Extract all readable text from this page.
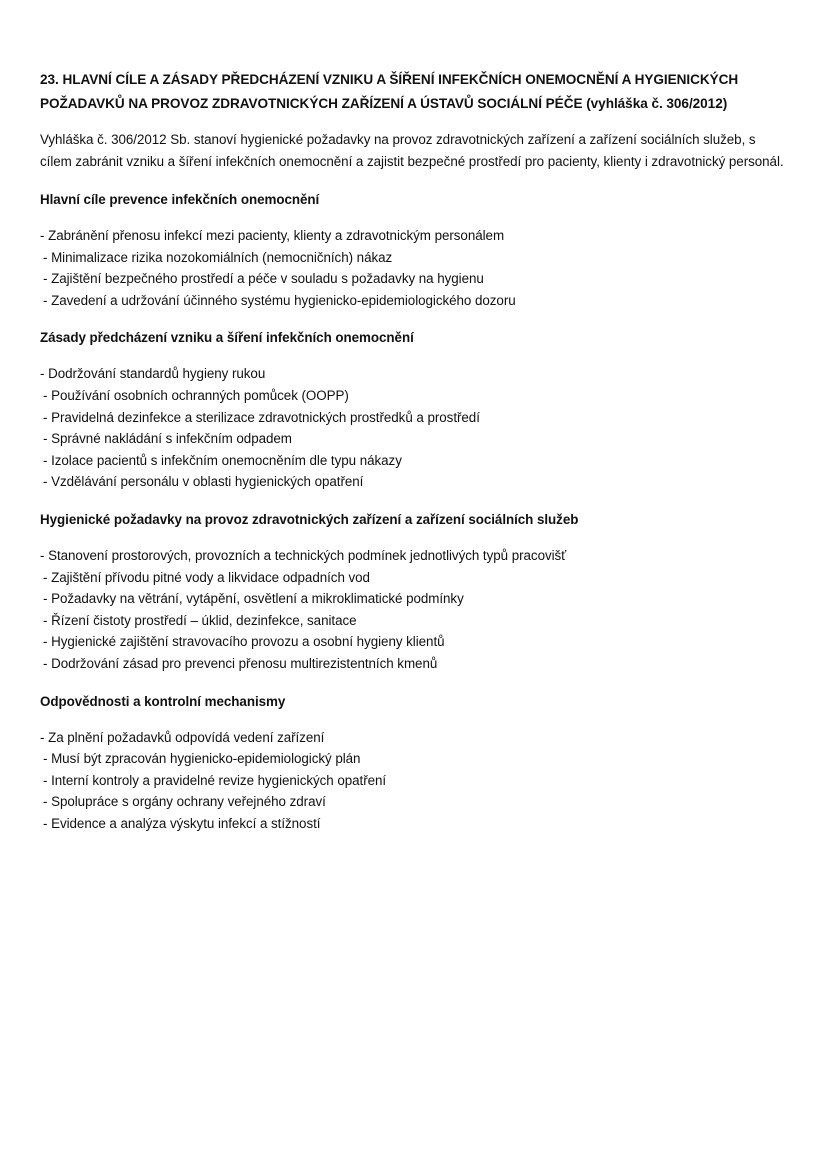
23. HLAVNÍ CÍLE A ZÁSADY PŘEDCHÁZENÍ VZNIKU A ŠÍŘENÍ INFEKČNÍCH ONEMOCNĚNÍ A HYGIENICKÝCH POŽADAVKŮ NA PROVOZ ZDRAVOTNICKÝCH ZAŘÍZENÍ A ÚSTAVŮ SOCIÁLNÍ PÉČE (vyhláška č. 306/2012)
Vyhláška č. 306/2012 Sb. stanoví hygienické požadavky na provoz zdravotnických zařízení a zařízení sociálních služeb, s cílem zabránit vzniku a šíření infekčních onemocnění a zajistit bezpečné prostředí pro pacienty, klienty i zdravotnický personál.
Hlavní cíle prevence infekčních onemocnění
- Zabránění přenosu infekcí mezi pacienty, klienty a zdravotnickým personálem
- Minimalizace rizika nozokomiálních (nemocničních) nákaz
- Zajištění bezpečného prostředí a péče v souladu s požadavky na hygienu
- Zavedení a udržování účinného systému hygienicko-epidemiologického dozoru
Zásady předcházení vzniku a šíření infekčních onemocnění
- Dodržování standardů hygieny rukou
- Používání osobních ochranných pomůcek (OOPP)
- Pravidelná dezinfekce a sterilizace zdravotnických prostředků a prostředí
- Správné nakládání s infekčním odpadem
- Izolace pacientů s infekčním onemocněním dle typu nákazy
- Vzdělávání personálu v oblasti hygienických opatření
Hygienické požadavky na provoz zdravotnických zařízení a zařízení sociálních služeb
- Stanovení prostorových, provozních a technických podmínek jednotlivých typů pracovišť
- Zajištění přívodu pitné vody a likvidace odpadních vod
- Požadavky na větrání, vytápění, osvětlení a mikroklimatické podmínky
- Řízení čistoty prostředí – úklid, dezinfekce, sanitace
- Hygienické zajištění stravovacího provozu a osobní hygieny klientů
- Dodržování zásad pro prevenci přenosu multirezistentních kmenů
Odpovědnosti a kontrolní mechanismy
- Za plnění požadavků odpovídá vedení zařízení
- Musí být zpracován hygienicko-epidemiologický plán
- Interní kontroly a pravidelné revize hygienických opatření
- Spolupráce s orgány ochrany veřejného zdraví
- Evidence a analýza výskytu infekcí a stížností
